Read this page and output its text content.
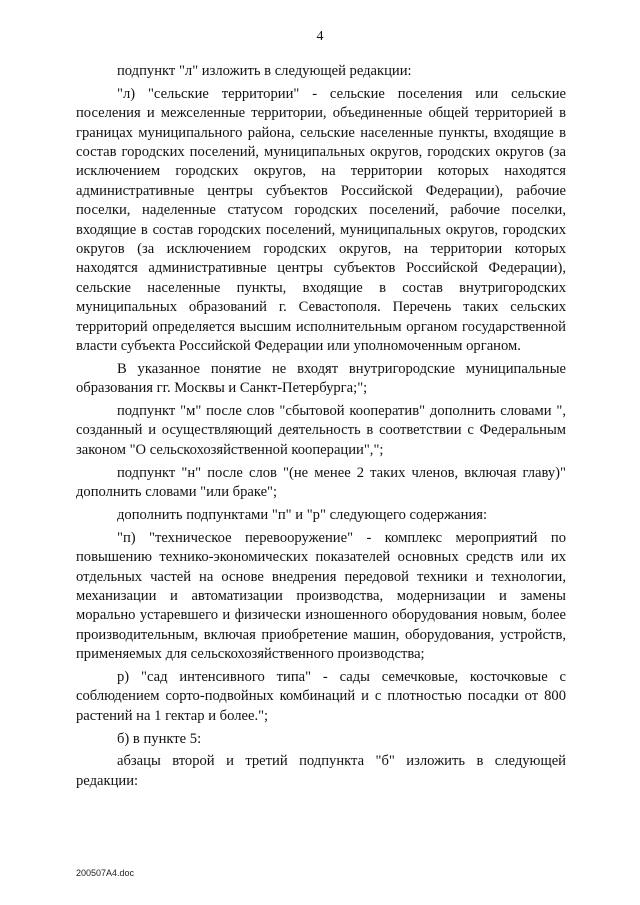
4

подпункт "л" изложить в следующей редакции:

"л) "сельские территории" - сельские поселения или сельские поселения и межселенные территории, объединенные общей территорией в границах муниципального района, сельские населенные пункты, входящие в состав городских поселений, муниципальных округов, городских округов (за исключением городских округов, на территории которых находятся административные центры субъектов Российской Федерации), рабочие поселки, наделенные статусом городских поселений, рабочие поселки, входящие в состав городских поселений, муниципальных округов, городских округов (за исключением городских округов, на территории которых находятся административные центры субъектов Российской Федерации), сельские населенные пункты, входящие в состав внутригородских муниципальных образований г. Севастополя. Перечень таких сельских территорий определяется высшим исполнительным органом государственной власти субъекта Российской Федерации или уполномоченным органом.

В указанное понятие не входят внутригородские муниципальные образования гг. Москвы и Санкт-Петербурга;";

подпункт "м" после слов "сбытовой кооператив" дополнить словами ", созданный и осуществляющий деятельность в соответствии с Федеральным законом "О сельскохозяйственной кооперации",";

подпункт "н" после слов "(не менее 2 таких членов, включая главу)" дополнить словами "или браке";

дополнить подпунктами "п" и "р" следующего содержания:

"п) "техническое перевооружение" - комплекс мероприятий по повышению технико-экономических показателей основных средств или их отдельных частей на основе внедрения передовой техники и технологии, механизации и автоматизации производства, модернизации и замены морально устаревшего и физически изношенного оборудования новым, более производительным, включая приобретение машин, оборудования, устройств, применяемых для сельскохозяйственного производства;

р) "сад интенсивного типа" - сады семечковые, косточковые с соблюдением сорто-подвойных комбинаций и с плотностью посадки от 800 растений на 1 гектар и более.";

б) в пункте 5:

абзацы второй и третий подпункта "б" изложить в следующей редакции:

200507A4.doc
